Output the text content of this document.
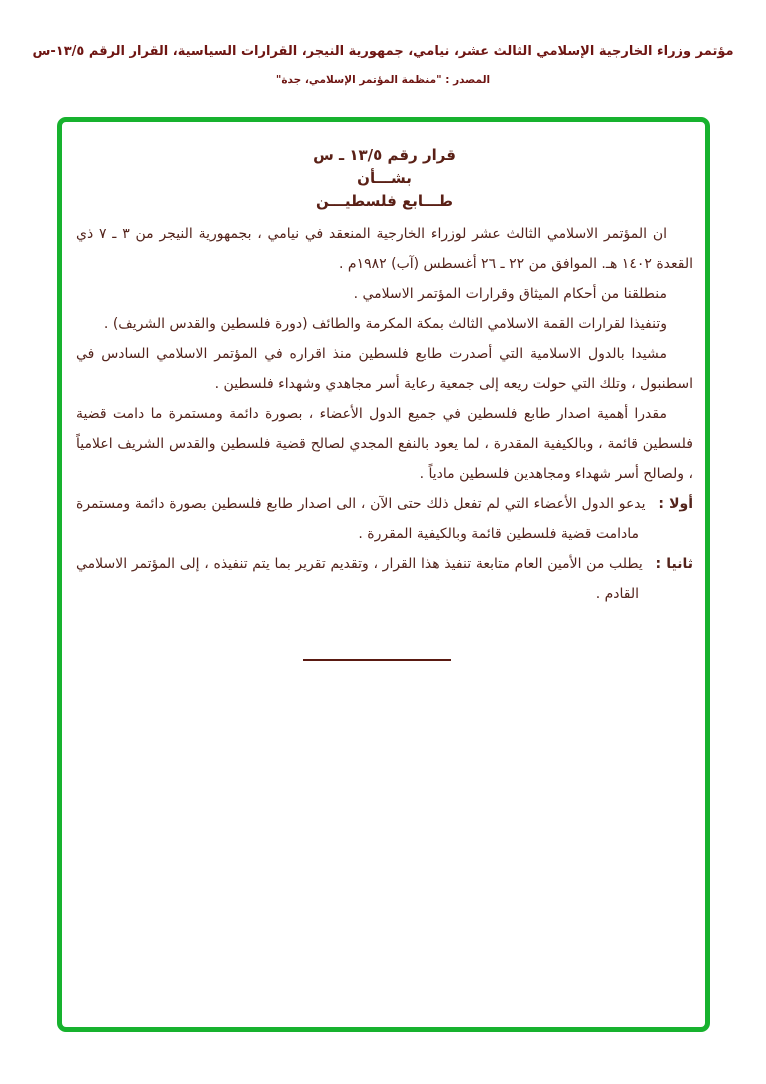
مؤتمر وزراء الخارجية الإسلامي الثالث عشر، نيامي، جمهورية النيجر، القرارات السياسية، القرار الرقم ١٣/٥-س
المصدر : "منظمة المؤتمر الإسلامي، جدة"
قرار رقم ١٣/٥ ـ س
بشـــأن
طـــابع فلسطيـــن

ان المؤتمر الاسلامي الثالث عشر لوزراء الخارجية المنعقد في نيامي ، بجمهورية النيجر من ٣ ـ ٧ ذي القعدة ١٤٠٢ هـ. الموافق من ٢٢ ـ ٢٦ أغسطس (آب) ١٩٨٢م .

منطلقنا من أحكام الميثاق وقرارات المؤتمر الاسلامي .

وتنفيذا لقرارات القمة الاسلامي الثالث بمكة المكرمة والطائف (دورة فلسطين والقدس الشريف) .

مشيدا بالدول الاسلامية التي أصدرت طابع فلسطين منذ اقراره في المؤتمر الاسلامي السادس في اسطنبول ، وتلك التي حولت ريعه إلى جمعية رعاية أسر مجاهدي وشهداء فلسطين .

مقدرا أهمية اصدار طابع فلسطين في جميع الدول الأعضاء ، بصورة دائمة ومستمرة ما دامت قضية فلسطين قائمة ، وبالكيفية المقدرة ، لما يعود بالنفع المجدي لصالح قضية فلسطين والقدس الشريف اعلامياً ، ولصالح أسر شهداء ومجاهدين فلسطين مادياً .

أولا : يدعو الدول الأعضاء التي لم تفعل ذلك حتى الآن ، الى اصدار طابع فلسطين بصورة دائمة ومستمرة مادامت قضية فلسطين قائمة وبالكيفية المقررة .

ثانيا : يطلب من الأمين العام متابعة تنفيذ هذا القرار ، وتقديم تقرير بما يتم تنفيذه ، إلى المؤتمر الاسلامي القادم .
